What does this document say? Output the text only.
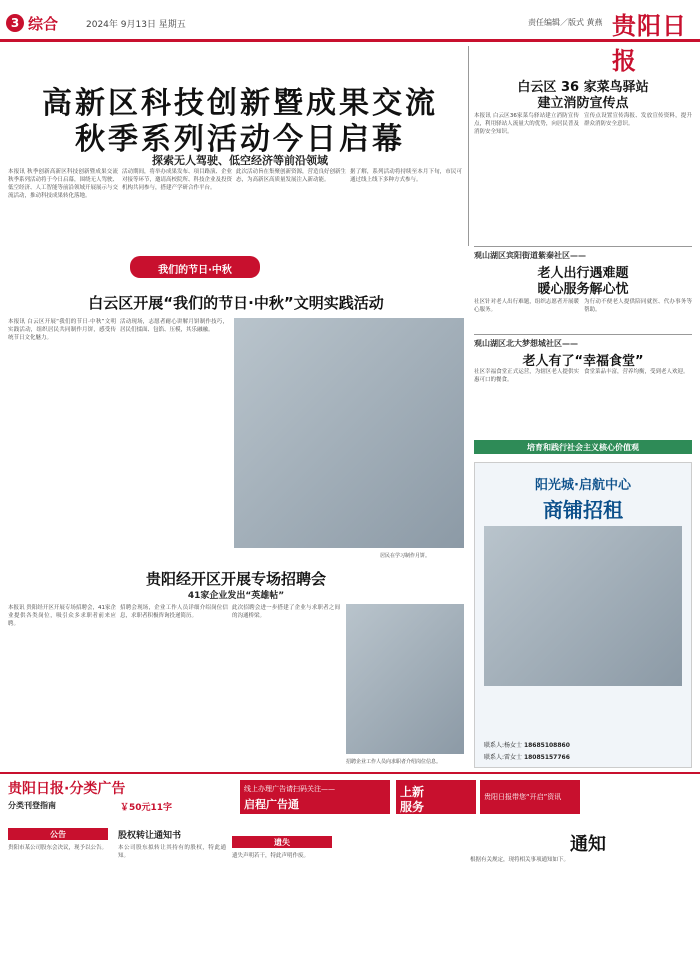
3 综合	2024年 9月13日 星期五	责任编辑／版式 黄燕 贵阳日报
高新区科技创新暨成果交流
秋季系列活动今日启幕
探索无人驾驶、低空经济等前沿领域
本报讯 秋季创新高新区科技创新暨成果交流秋季系列活动将于今日启幕，围绕无人驾驶、低空经济、人工智能等前沿领域开展展示与交流活动，推动科技成果转化落地。
活动期间，将举办成果发布、项目路演、企业对接等环节，邀请高校院所、科技企业及投资机构共同参与，搭建产学研合作平台。
此次活动旨在集聚创新资源，营造良好创新生态，为高新区高质量发展注入新动能。
据了解，系列活动将持续至本月下旬，市民可通过线上线下多种方式参与。
白云区 36 家菜鸟驿站
建立消防宣传点
本报讯 白云区36家菜鸟驿站建立消防宣传点，利用驿站人流量大的优势，向居民普及消防安全知识。
宣传点设置宣传海报、发放宣传资料，提升群众消防安全意识。
观山湖区宾阳街道紫秦社区——
老人出行遇难题
暖心服务解心忧
社区针对老人出行难题，组织志愿者开展暖心服务。
为行动不便老人提供陪同就医、代办事务等帮助。
观山湖区北大梦想城社区——
老人有了“幸福食堂”
社区幸福食堂正式运营，为辖区老人提供实惠可口的餐食。
食堂菜品丰富，营养均衡，受到老人欢迎。
培育和践行社会主义核心价值观
我们的节日·中秋
白云区开展“我们的节日·中秋”文明实践活动
本报讯 白云区开展“我们的节日·中秋”文明实践活动，组织居民共同制作月饼，感受传统节日文化魅力。
活动现场，志愿者耐心讲解月饼制作技巧，居民们揉面、包馅、压模，其乐融融。
居民在学习制作月饼。
阳光城·启航中心
商铺招租
联系人:杨女士 18685108860
联系人:雷女士 18085157766
贵阳经开区开展专场招聘会
41家企业发出“英雄帖”
本报讯 贵阳经开区开展专场招聘会，41家企业提供各类岗位，吸引众多求职者前来应聘。
招聘会现场，企业工作人员详细介绍岗位信息，求职者积极咨询投递简历。
此次招聘会进一步搭建了企业与求职者之间的沟通桥梁。
招聘企业工作人员向求职者介绍岗位信息。
贵阳日报·分类广告
分类刊登指南	￥50元11字
线上办理广告请扫码关注——
启程广告通
上新
服务
贵阳日报带您“开启”资讯
公告
贵阳市某公司股东会决议，现予以公告。
股权转让通知书
本公司股东拟转让其持有的股权，特此通知。
遗失
遗失声明若干，特此声明作废。
通知
根据有关规定，现将相关事项通知如下。
